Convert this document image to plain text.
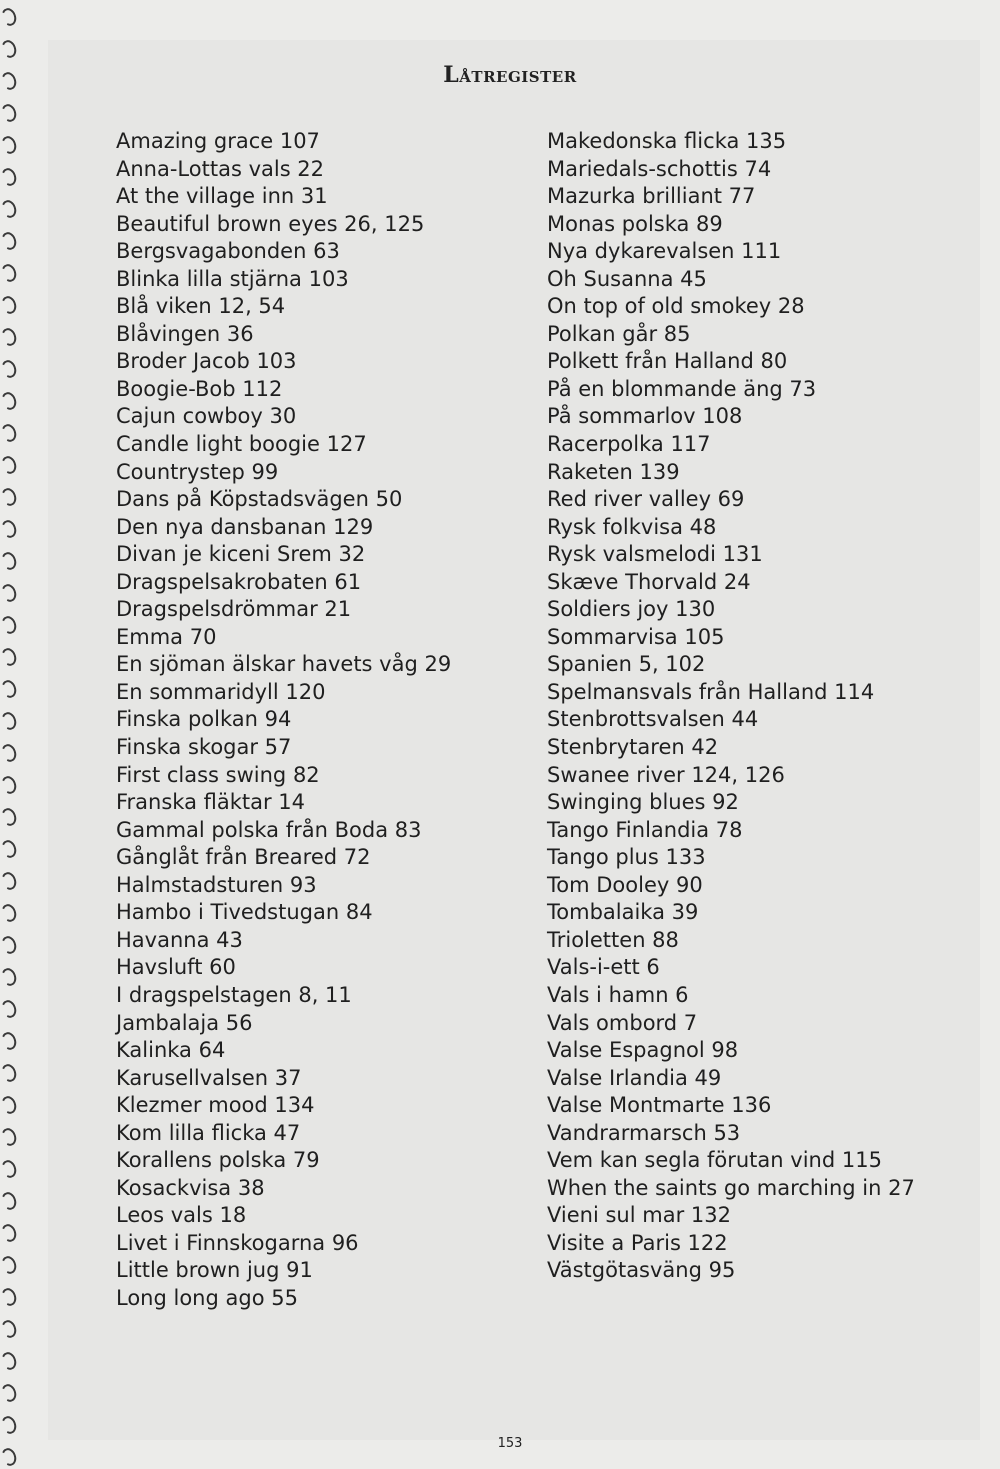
Låtregister
Amazing grace 107
Anna-Lottas vals 22
At the village inn 31
Beautiful brown eyes 26, 125
Bergsvagabonden 63
Blinka lilla stjärna 103
Blå viken 12, 54
Blåvingen 36
Broder Jacob 103
Boogie-Bob 112
Cajun cowboy 30
Candle light boogie 127
Countrystep 99
Dans på Köpstadsvägen 50
Den nya dansbanan 129
Divan je kiceni Srem 32
Dragspelsakrobaten 61
Dragspelsdrömmar 21
Emma 70
En sjöman älskar havets våg 29
En sommaridyll 120
Finska polkan 94
Finska skogar 57
First class swing 82
Franska fläktar 14
Gammal polska från Boda 83
Gånglåt från Breared 72
Halmstadsturen 93
Hambo i Tivedstugan 84
Havanna 43
Havsluft 60
I dragspelstagen 8, 11
Jambalaja 56
Kalinka 64
Karusellvalsen 37
Klezmer mood 134
Kom lilla flicka 47
Korallens polska 79
Kosackvisa 38
Leos vals 18
Livet i Finnskogarna 96
Little brown jug 91
Long long ago 55
Makedonska flicka 135
Mariedals-schottis 74
Mazurka brilliant 77
Monas polska 89
Nya dykarevalsen 111
Oh Susanna 45
On top of old smokey 28
Polkan går 85
Polkett från Halland 80
På en blommande äng 73
På sommarlov 108
Racerpolka 117
Raketen 139
Red river valley 69
Rysk folkvisa 48
Rysk valsmelodi 131
Skæve Thorvald 24
Soldiers joy 130
Sommarvisa 105
Spanien 5, 102
Spelmansvals från Halland 114
Stenbrottsvalsen 44
Stenbrytaren 42
Swanee river 124, 126
Swinging blues 92
Tango Finlandia 78
Tango plus 133
Tom Dooley 90
Tombalaika 39
Trioletten 88
Vals-i-ett 6
Vals i hamn 6
Vals ombord 7
Valse Espagnol 98
Valse Irlandia 49
Valse Montmarte 136
Vandrarmarsch 53
Vem kan segla förutan vind 115
When the saints go marching in 27
Vieni sul mar 132
Visite a Paris 122
Västgötasväng 95
153
